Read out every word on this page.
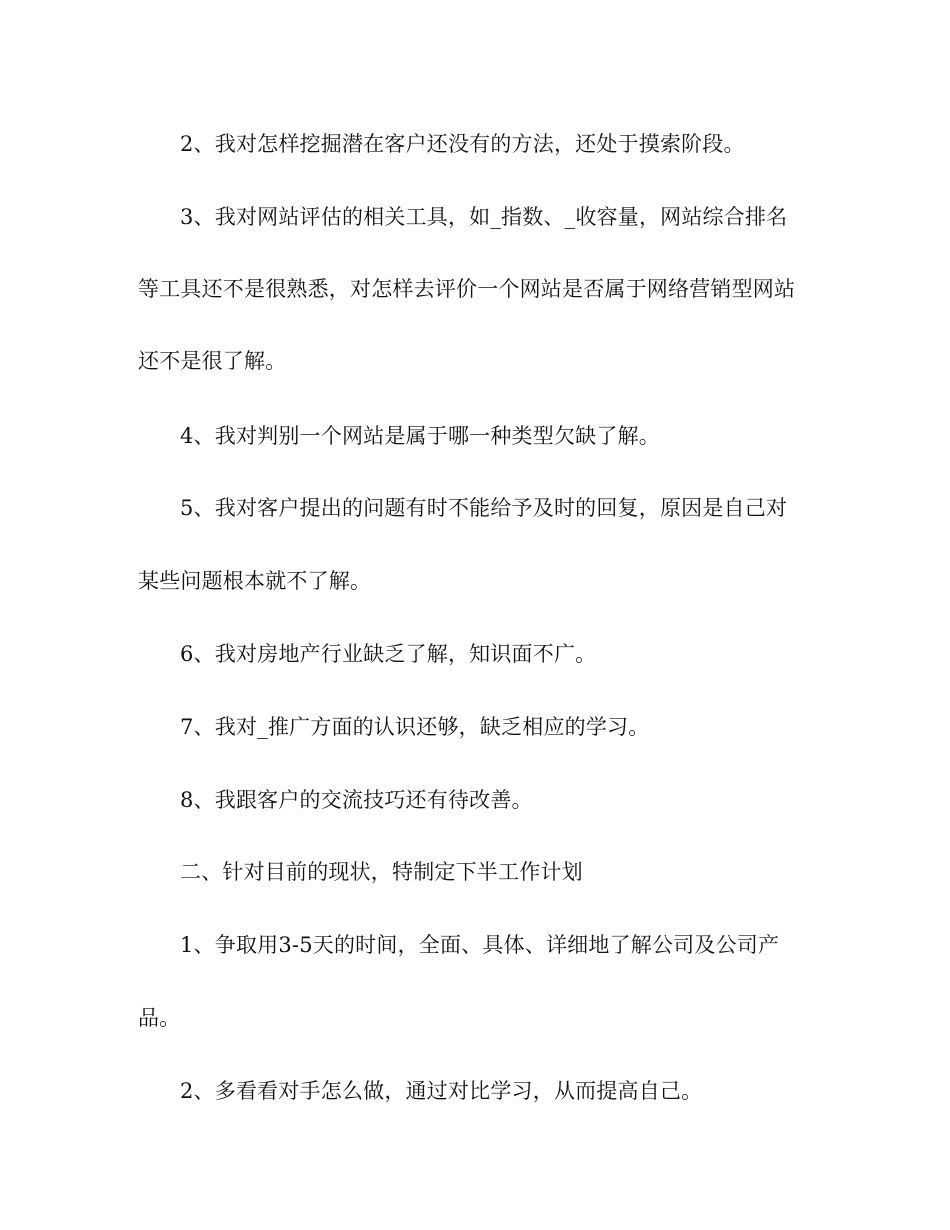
2、我对怎样挖掘潜在客户还没有的方法，还处于摸索阶段。
3、我对网站评估的相关工具，如_指数、_收容量，网站综合排名
等工具还不是很熟悉，对怎样去评价一个网站是否属于网络营销型网站
还不是很了解。
4、我对判别一个网站是属于哪一种类型欠缺了解。
5、我对客户提出的问题有时不能给予及时的回复，原因是自己对
某些问题根本就不了解。
6、我对房地产行业缺乏了解，知识面不广。
7、我对_推广方面的认识还够，缺乏相应的学习。
8、我跟客户的交流技巧还有待改善。
二、针对目前的现状，特制定下半工作计划
1、争取用3-5天的时间，全面、具体、详细地了解公司及公司产
品。
2、多看看对手怎么做，通过对比学习，从而提高自己。
